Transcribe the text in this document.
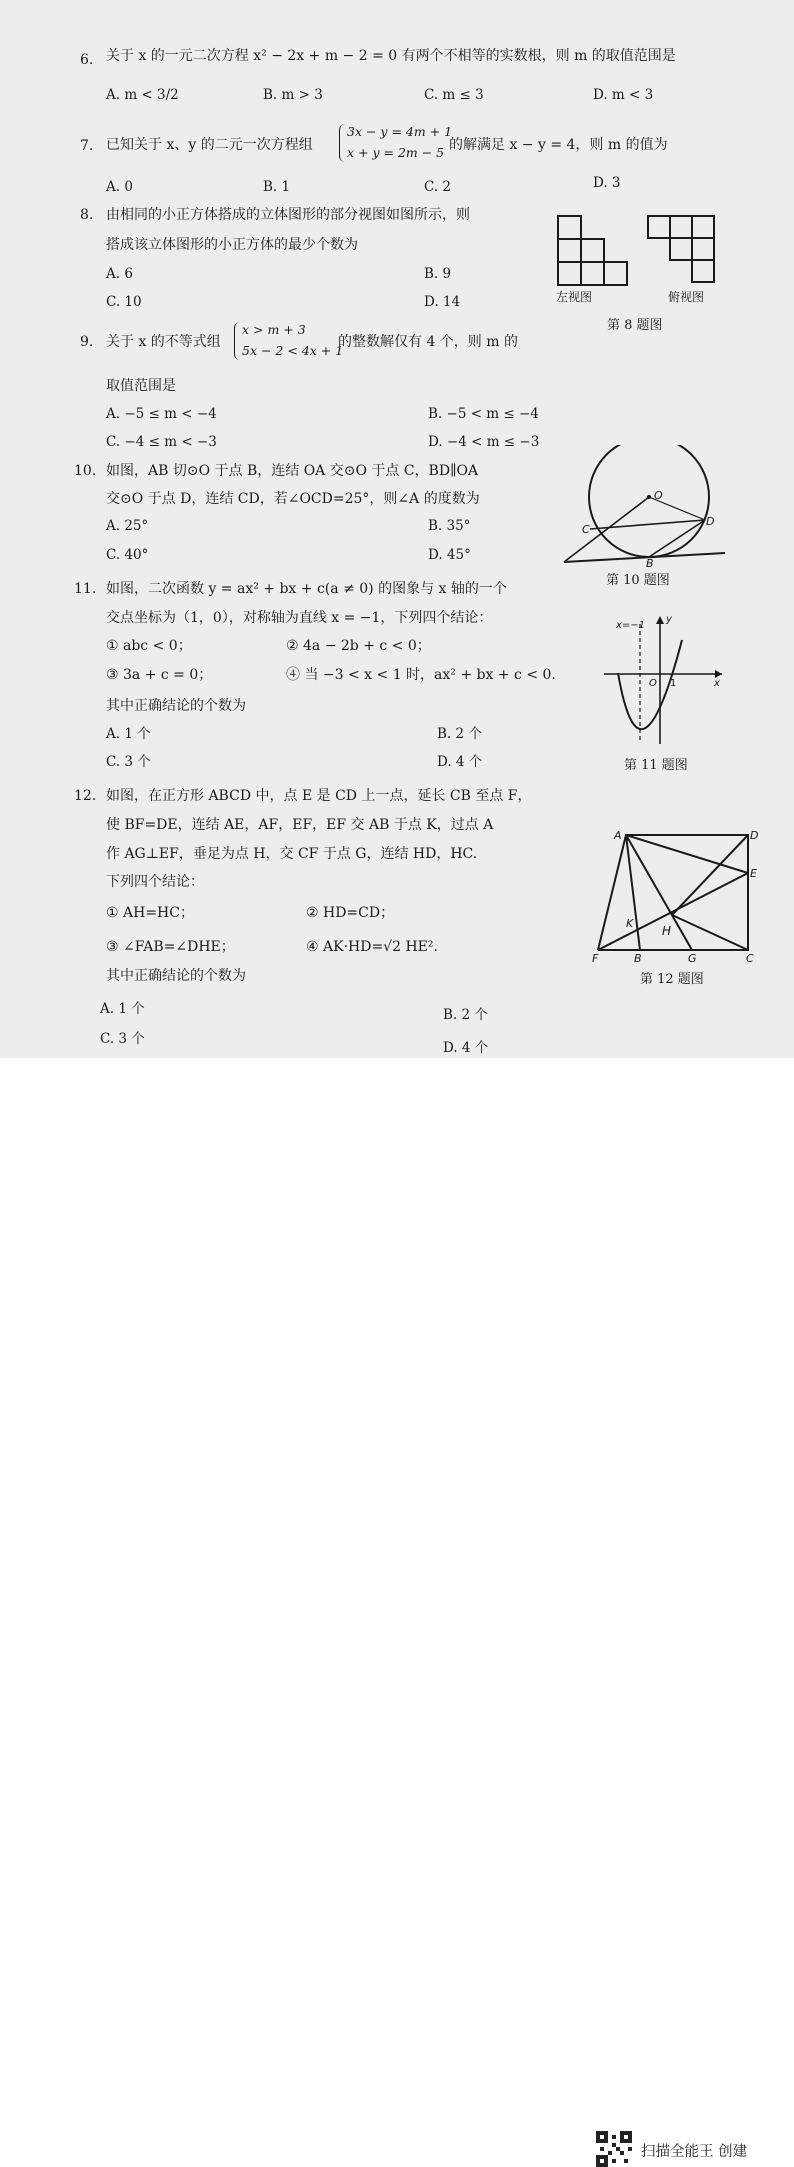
6. 关于 x 的一元二次方程 x² − 2x + m − 2 = 0 有两个不相等的实数根，则 m 的取值范围是
A. m < 3/2	B. m > 3	C. m ≤ 3	D. m < 3
7. 已知关于 x、y 的二元一次方程组
3x − y = 4m + 1
x + y = 2m − 5 的解满足 x − y = 4，则 m 的值为
A. 0	B. 1	C. 2	D. 3
8. 由相同的小正方体搭成的立体图形的部分视图如图所示，则
搭成该立体图形的小正方体的最少个数为
A. 6	B. 9
C. 10	D. 14	左视图	俯视图
第 8 题图
9. 关于 x 的不等式组
x > m + 3
5x − 2 < 4x + 1
的整数解仅有 4 个，则 m 的
取值范围是
A. −5 ≤ m < −4	B. −5 < m ≤ −4
C. −4 ≤ m < −3	D. −4 < m ≤ −3
10. 如图，AB 切⊙O 于点 B，连结 OA 交⊙O 于点 C，BD∥OA
交⊙O 于点 D，连结 CD，若∠OCD=25°，则∠A 的度数为
A. 25°	B. 35°
C. 40°	D. 45°
O
C
D
B
第 10 题图
11. 如图，二次函数 y = ax² + bx + c(a ≠ 0) 的图象与 x 轴的一个
交点坐标为（1，0），对称轴为直线 x = −1，下列四个结论：
① abc < 0；	② 4a − 2b + c < 0；
③ 3a + c = 0；	④ 当 −3 < x < 1 时，ax² + bx + c < 0.
其中正确结论的个数为
A. 1 个	B. 2 个
C. 3 个	D. 4 个
x=−1
y
O 1	x
第 11 题图
12. 如图，在正方形 ABCD 中，点 E 是 CD 上一点，延长 CB 至点 F，
使 BF=DE，连结 AE，AF，EF，EF 交 AB 于点 K，过点 A
作 AG⊥EF，垂足为点 H，交 CF 于点 G，连结 HD，HC.
下列四个结论：
① AH=HC；	② HD=CD；
③ ∠FAB=∠DHE；	④ AK·HD=√2 HE².
其中正确结论的个数为
A. 1 个	B. 2 个
C. 3 个
D. 4 个
A	D
E
K
H
F	B	G	C
第 12 题图
扫描全能王 创建
